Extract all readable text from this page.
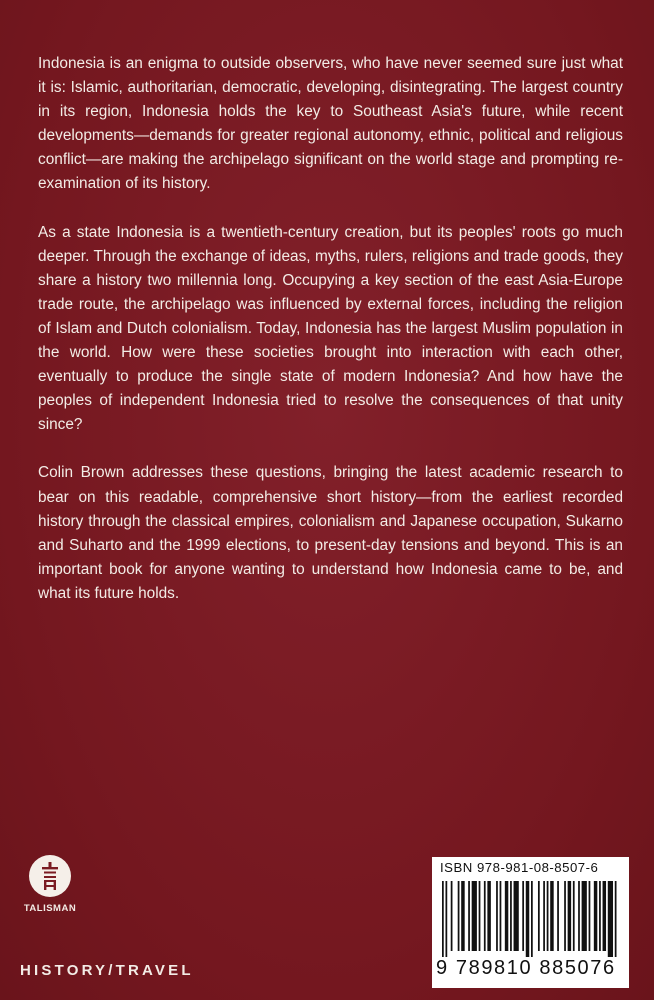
Indonesia is an enigma to outside observers, who have never seemed sure just what it is: Islamic, authoritarian, democratic, developing, disintegrating. The largest country in its region, Indonesia holds the key to Southeast Asia's future, while recent developments—demands for greater regional autonomy, ethnic, political and religious conflict—are making the archipelago significant on the world stage and prompting re-examination of its history.

As a state Indonesia is a twentieth-century creation, but its peoples' roots go much deeper. Through the exchange of ideas, myths, rulers, religions and trade goods, they share a history two millennia long. Occupying a key section of the east Asia-Europe trade route, the archipelago was influenced by external forces, including the religion of Islam and Dutch colonialism. Today, Indonesia has the largest Muslim population in the world. How were these societies brought into interaction with each other, eventually to produce the single state of modern Indonesia? And how have the peoples of independent Indonesia tried to resolve the consequences of that unity since?

Colin Brown addresses these questions, bringing the latest academic research to bear on this readable, comprehensive short history—from the earliest recorded history through the classical empires, colonialism and Japanese occupation, Sukarno and Suharto and the 1999 elections, to present-day tensions and beyond. This is an important book for anyone wanting to understand how Indonesia came to be, and what its future holds.

TALISMAN
HISTORY/TRAVEL
ISBN 978-981-08-8507-6
9 789810 885076
